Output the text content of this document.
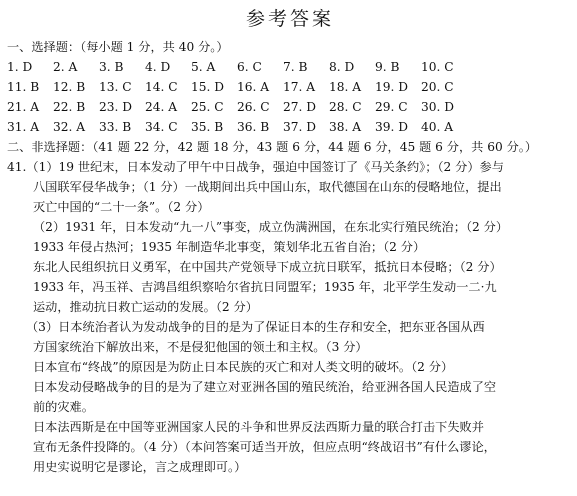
参考答案

一、选择题：（每小题 1 分，共 40 分。）

1. D	2. A	3. B	4. D	5. A	6. C	7. B	8. D	9. B	10. C
11. B	12. B	13. C	14. C	15. D	16. A	17. A	18. A	19. D	20. C
21. A	22. B	23. D	24. A	25. C	26. C	27. D	28. C	29. C	30. D
31. A	32. A	33. B	34. C	35. B	36. B	37. D	38. A	39. D	40. A

二、非选择题：（41 题 22 分，42 题 18 分，43 题 6 分，44 题 6 分，45 题 6 分，共 60 分。）

41.（1）19 世纪末，日本发动了甲午中日战争，强迫中国签订了《马关条约》；（2 分）参与

八国联军侵华战争；（1 分）一战期间出兵中国山东，取代德国在山东的侵略地位，提出

灭亡中国的“二十一条”。（2 分）

（2）1931 年，日本发动“九一八”事变，成立伪满洲国，在东北实行殖民统治；（2 分）

1933 年侵占热河；1935 年制造华北事变，策划华北五省自治；（2 分）

东北人民组织抗日义勇军，在中国共产党领导下成立抗日联军，抵抗日本侵略；（2 分）

1933 年，冯玉祥、吉鸿昌组织察哈尔省抗日同盟军；1935 年，北平学生发动一二·九

运动，推动抗日救亡运动的发展。（2 分）

（3）日本统治者认为发动战争的目的是为了保证日本的生存和安全，把东亚各国从西

方国家统治下解放出来，不是侵犯他国的领土和主权。（3 分）

日本宣布“终战”的原因是为防止日本民族的灭亡和对人类文明的破坏。（2 分）

日本发动侵略战争的目的是为了建立对亚洲各国的殖民统治，给亚洲各国人民造成了空

前的灾难。

日本法西斯是在中国等亚洲国家人民的斗争和世界反法西斯力量的联合打击下失败并

宣布无条件投降的。（4 分）（本问答案可适当开放，但应点明“终战诏书”有什么谬论，

用史实说明它是谬论，言之成理即可。）
